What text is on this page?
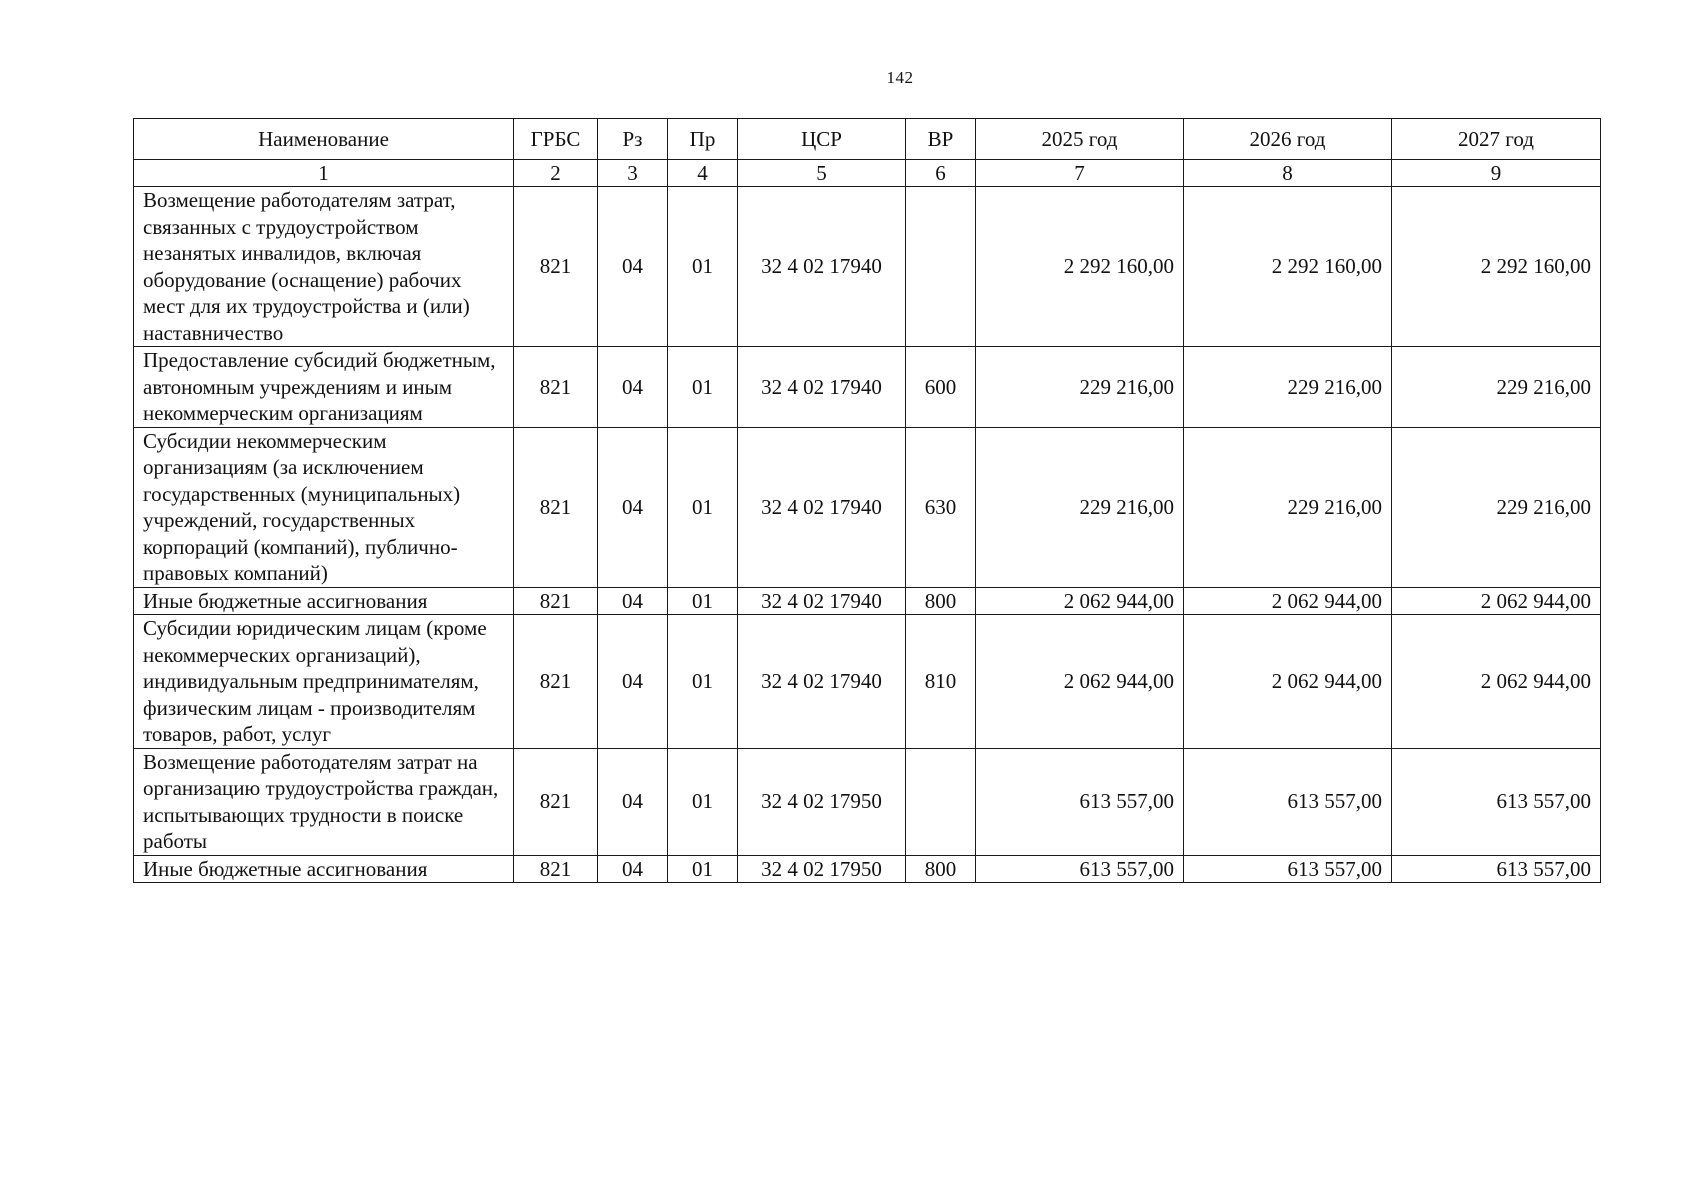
142
Наименование	ГРБС	Рз	Пр	ЦСР	ВР	2025 год	2026 год	2027 год
1	2	3	4	5	6	7	8	9
Возмещение работодателям затрат, связанных с трудоустройством незанятых инвалидов, включая оборудование (оснащение) рабочих мест для их трудоустройства и (или) наставничество	821	04	01	32 4 02 17940		2 292 160,00	2 292 160,00	2 292 160,00
Предоставление субсидий бюджетным, автономным учреждениям и иным некоммерческим организациям	821	04	01	32 4 02 17940	600	229 216,00	229 216,00	229 216,00
Субсидии некоммерческим организациям (за исключением государственных (муниципальных) учреждений, государственных корпораций (компаний), публично-правовых компаний)	821	04	01	32 4 02 17940	630	229 216,00	229 216,00	229 216,00
Иные бюджетные ассигнования	821	04	01	32 4 02 17940	800	2 062 944,00	2 062 944,00	2 062 944,00
Субсидии юридическим лицам (кроме некоммерческих организаций), индивидуальным предпринимателям, физическим лицам - производителям товаров, работ, услуг	821	04	01	32 4 02 17940	810	2 062 944,00	2 062 944,00	2 062 944,00
Возмещение работодателям затрат на организацию трудоустройства граждан, испытывающих трудности в поиске работы	821	04	01	32 4 02 17950		613 557,00	613 557,00	613 557,00
Иные бюджетные ассигнования	821	04	01	32 4 02 17950	800	613 557,00	613 557,00	613 557,00
